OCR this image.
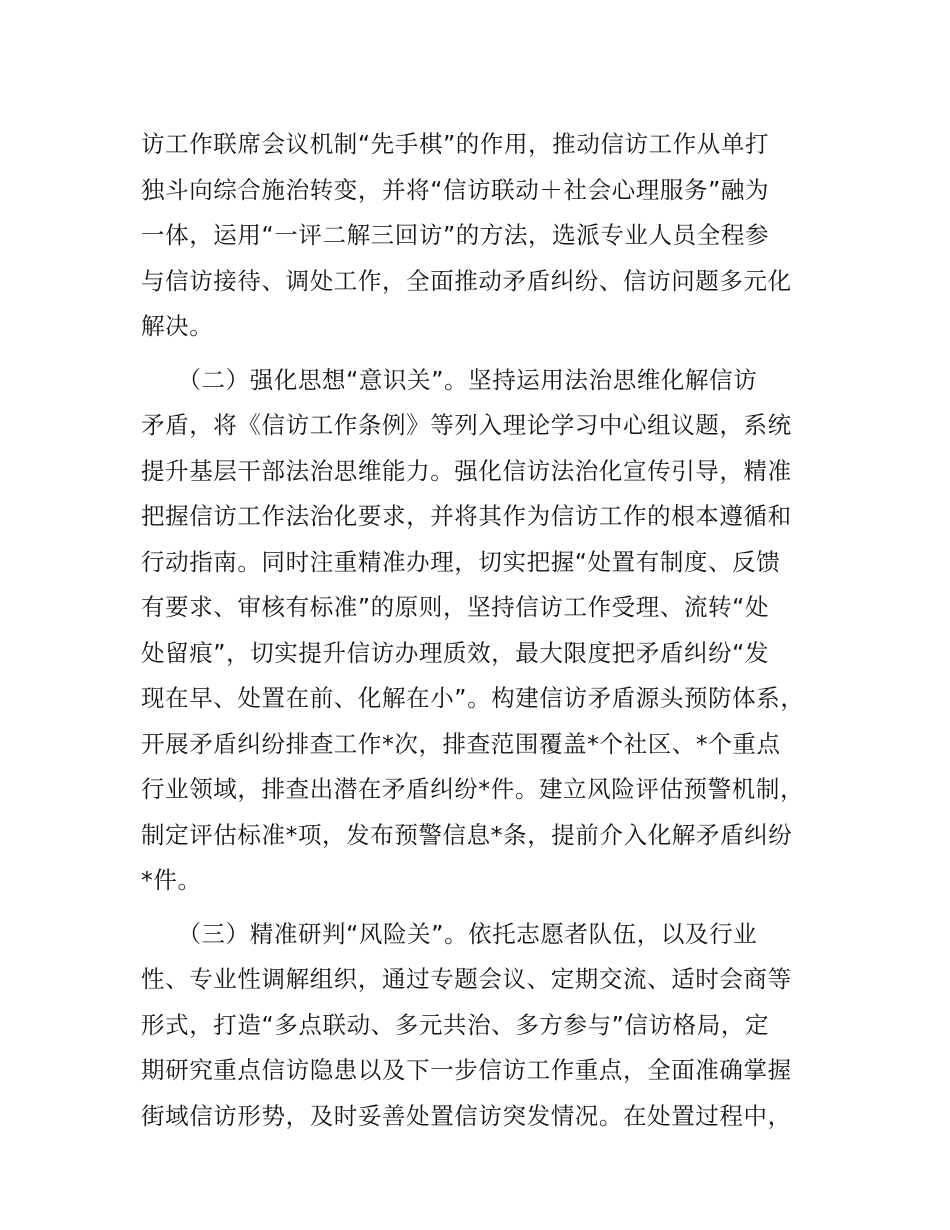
访工作联席会议机制“先手棋”的作用，推动信访工作从单打
独斗向综合施治转变，并将“信访联动＋社会心理服务”融为
一体，运用“一评二解三回访”的方法，选派专业人员全程参
与信访接待、调处工作，全面推动矛盾纠纷、信访问题多元化
解决。
　　（二）强化思想“意识关”。坚持运用法治思维化解信访
矛盾，将《信访工作条例》等列入理论学习中心组议题，系统
提升基层干部法治思维能力。强化信访法治化宣传引导，精准
把握信访工作法治化要求，并将其作为信访工作的根本遵循和
行动指南。同时注重精准办理，切实把握“处置有制度、反馈
有要求、审核有标准”的原则，坚持信访工作受理、流转“处
处留痕”，切实提升信访办理质效，最大限度把矛盾纠纷“发
现在早、处置在前、化解在小”。构建信访矛盾源头预防体系，
开展矛盾纠纷排查工作*次，排查范围覆盖*个社区、*个重点
行业领域，排查出潜在矛盾纠纷*件。建立风险评估预警机制，
制定评估标准*项，发布预警信息*条，提前介入化解矛盾纠纷
*件。
　　（三）精准研判“风险关”。依托志愿者队伍，以及行业
性、专业性调解组织，通过专题会议、定期交流、适时会商等
形式，打造“多点联动、多元共治、多方参与”信访格局，定
期研究重点信访隐患以及下一步信访工作重点，全面准确掌握
街域信访形势，及时妥善处置信访突发情况。在处置过程中，
